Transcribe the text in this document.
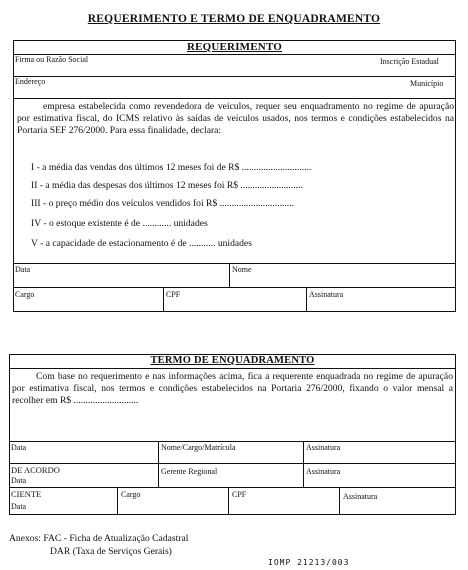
REQUERIMENTO E TERMO DE ENQUADRAMENTO
REQUERIMENTO
Firma ou Razão Social	Inscrição Estadual
Endereço	Município
empresa estabelecida como revendedora de veículos, requer seu enquadramento no regime de apuração por estimativa fiscal, do ICMS relativo às saídas de veículos usados, nos termos e condições estabelecidos na Portaria SEF 276/2000. Para essa finalidade, declara:
I - a média das vendas dos últimos 12 meses foi de R$ .............................
II - a média das despesas dos últimos 12 meses foi R$ ..........................
III - o preço médio dos veículos vendidos foi R$ ...............................
IV - o estoque existente é de ............ unidades
V - a capacidade de estacionamento é de ........... unidades
Data	Nome
Cargo	CPF	Assinatura
TERMO DE ENQUADRAMENTO
Com base no requerimento e nas informações acima, fica a requerente enquadrada no regime de apuração por estimativa fiscal, nos termos e condições estabelecidos na Portaria 276/2000, fixando o valor mensal a recolher em R$ ...........................
Data	Nome/Cargo/Matrícula	Assinatura
DE ACORDO
Data
Gerente Regional	Assinatura
CIENTE
Data
Cargo	CPF	Assinatura
Anexos: FAC - Ficha de Atualização Cadastral
DAR (Taxa de Serviços Gerais)
IOMP 21213/003
